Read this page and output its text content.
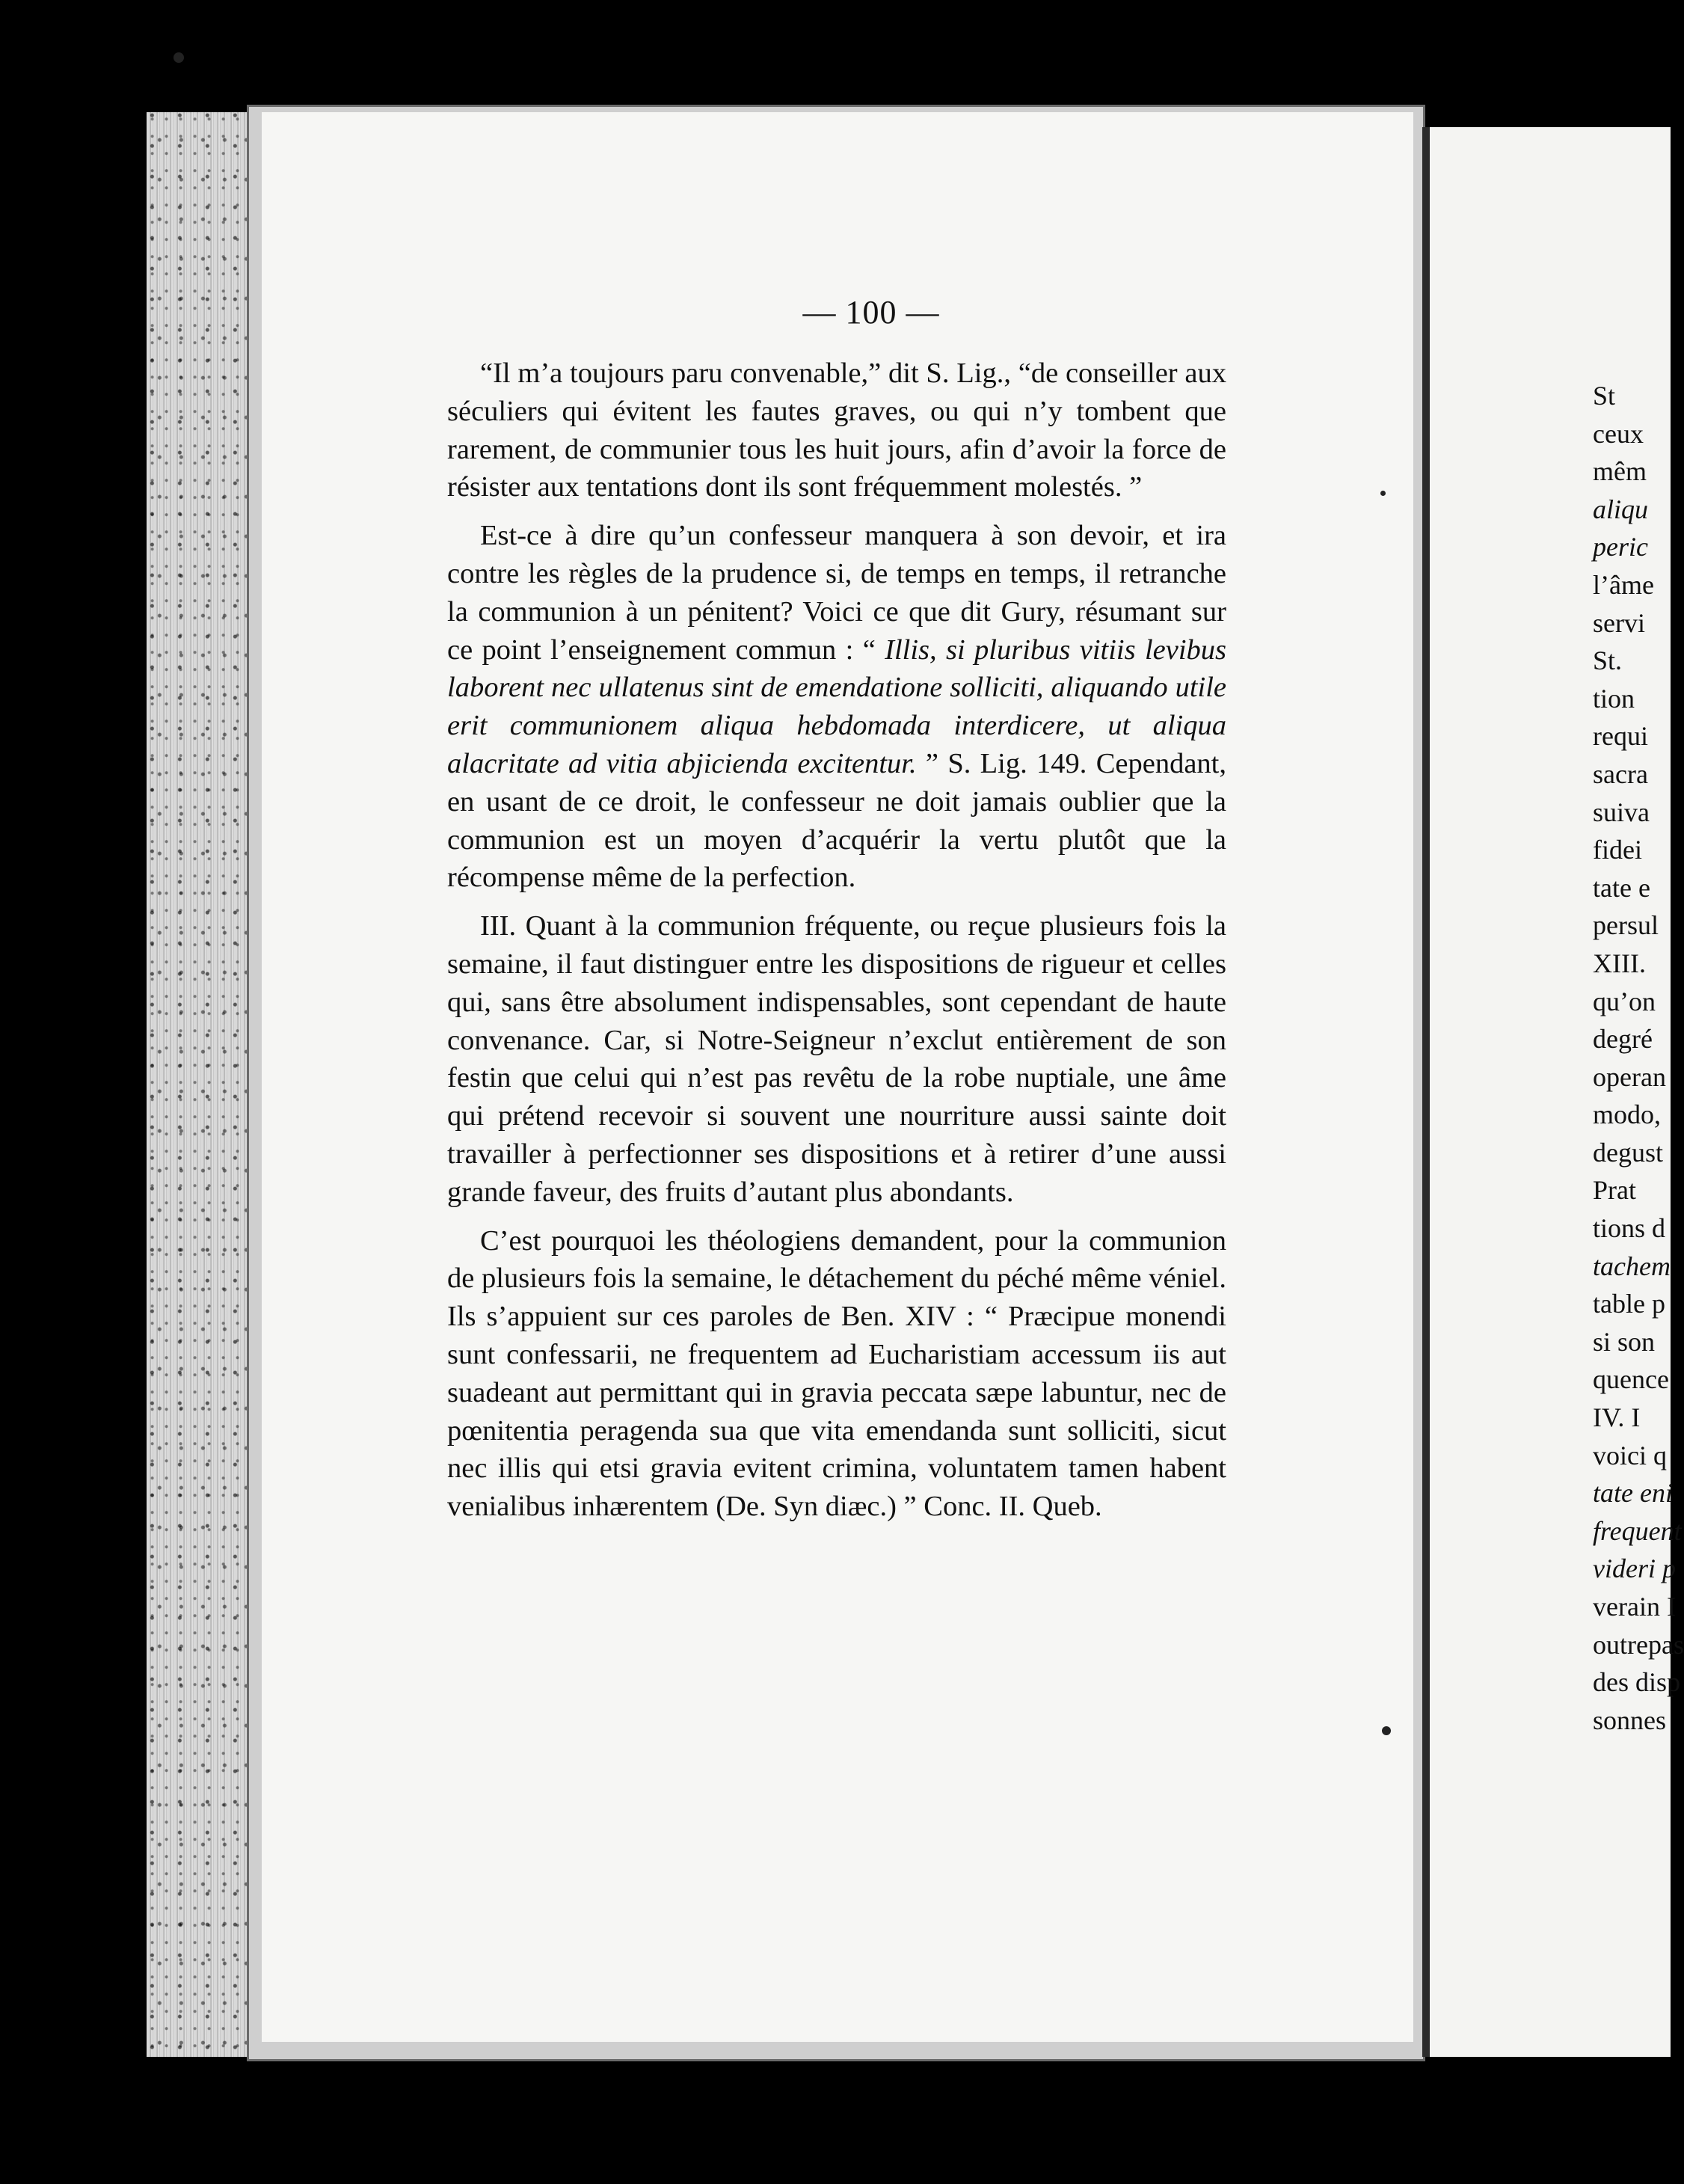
— 100 —

“Il m’a toujours paru convenable,” dit S. Lig., “de conseiller aux séculiers qui évitent les fautes graves, ou qui n’y tombent que rarement, de communier tous les huit jours, afin d’avoir la force de résister aux tentations dont ils sont fréquemment molestés. ”

Est-ce à dire qu’un confesseur manquera à son devoir, et ira contre les règles de la prudence si, de temps en temps, il retranche la communion à un pénitent? Voici ce que dit Gury, résumant sur ce point l’enseignement commun : “ Illis, si pluribus vitiis levibus laborent nec ullatenus sint de emendatione solliciti, aliquando utile erit communionem aliqua hebdomada interdicere, ut aliqua alacritate ad vitia abjicienda excitentur. ” S. Lig. 149. Cependant, en usant de ce droit, le confesseur ne doit jamais oublier que la communion est un moyen d’acquérir la vertu plutôt que la récompense même de la perfection.

III. Quant à la communion fréquente, ou reçue plusieurs fois la semaine, il faut distinguer entre les dispositions de rigueur et celles qui, sans être absolument indispensables, sont cependant de haute convenance. Car, si Notre-Seigneur n’exclut entièrement de son festin que celui qui n’est pas revêtu de la robe nuptiale, une âme qui prétend recevoir si souvent une nourriture aussi sainte doit travailler à perfectionner ses dispositions et à retirer d’une aussi grande faveur, des fruits d’autant plus abondants.

C’est pourquoi les théologiens demandent, pour la communion de plusieurs fois la semaine, le détachement du péché même véniel. Ils s’appuient sur ces paroles de Ben. XIV : “ Præcipue monendi sunt confessarii, ne frequentem ad Eucharistiam accessum iis aut suadeant aut permittant qui in gravia peccata sæpe labuntur, nec de pœnitentia peragenda sua que vita emendanda sunt solliciti, sicut nec illis qui etsi gravia evitent crimina, voluntatem tamen habent venialibus inhærentem (De. Syn diæc.) ” Conc. II. Queb.

St
ceux
mêm
aliqu
peric
l’âme
servi
St.
tion
requi
sacra
suiva
fidei
tate e
persul
XIII.
qu’on
degré
operan
modo,
degust
Prat
tions d
tachem
table p
si son
quence
IV. I
voici q
tate eni
frequent
videri p
verain I
outrepas
des disp
sonnes
